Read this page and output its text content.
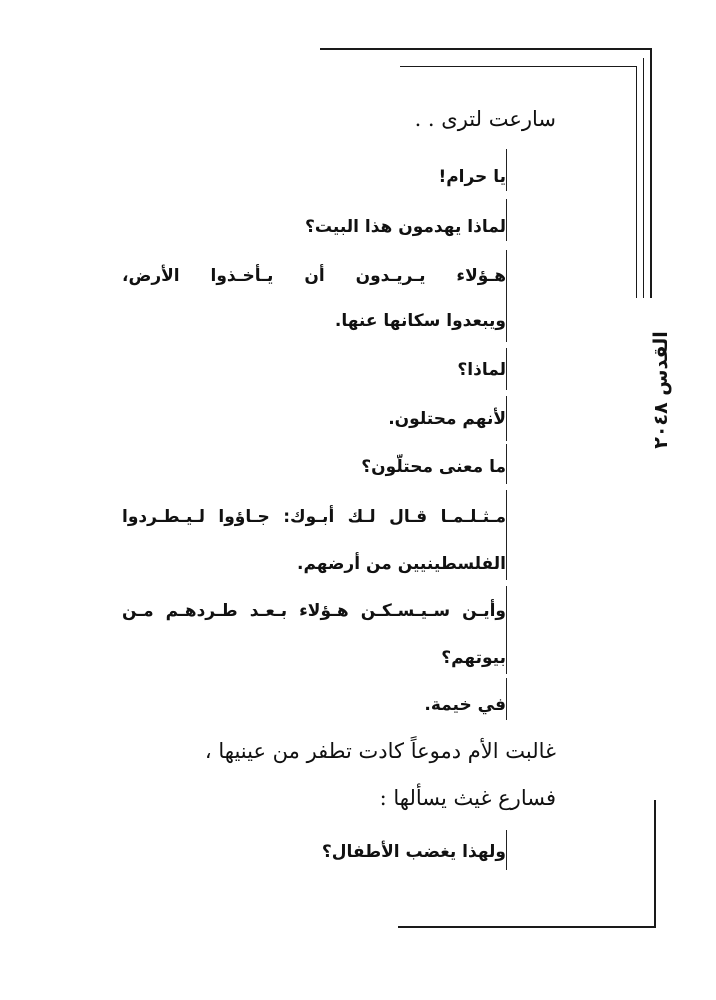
القدس ٢٠٤٨
سارعت لترى . .
يا حرام!
لماذا يهدمون هذا البيت؟
هـؤلاء يـريـدون أن يـأخـذوا الأرض،
ويبعدوا سكانها عنها.
لماذا؟
لأنهم محتلون.
ما معنى محتلّون؟
مـثـلـمـا قـال لـك أبـوك: جـاؤوا لـيـطـردوا
الفلسطينيين من أرضهم.
وأيـن سـيـسـكـن هـؤلاء بـعـد طـردهـم مـن
بيوتهم؟
في خيمة.
غالبت الأم دموعاً كادت تطفر من عينيها ،
فسارع غيث يسألها :
ولهذا يغضب الأطفال؟
